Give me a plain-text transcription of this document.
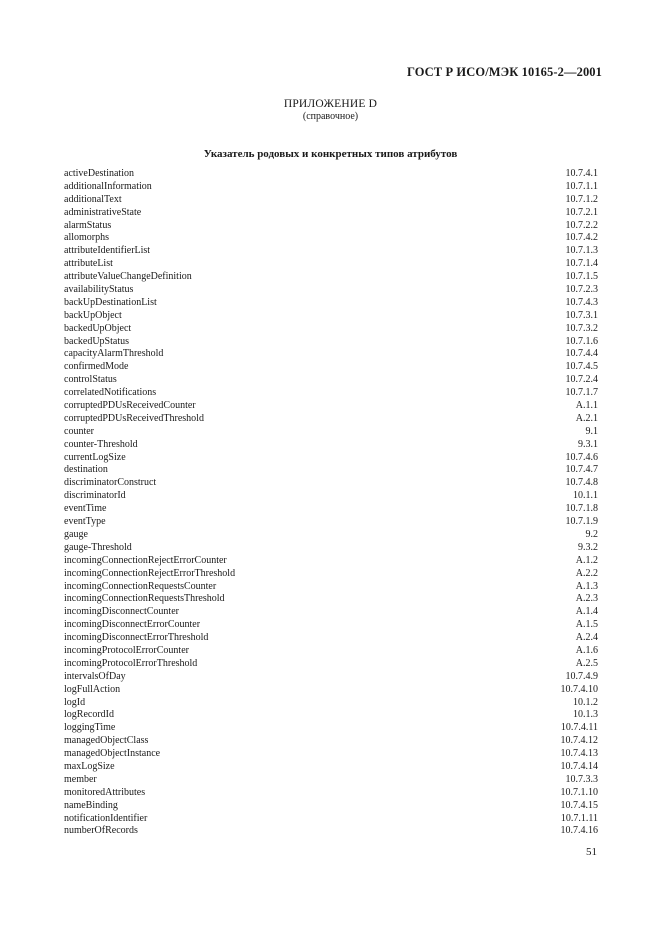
ГОСТ Р ИСО/МЭК 10165-2—2001
ПРИЛОЖЕНИЕ D
(справочное)
Указатель родовых и конкретных типов атрибутов
activeDestination	10.7.4.1
additionalInformation	10.7.1.1
additionalText	10.7.1.2
administrativeState	10.7.2.1
alarmStatus	10.7.2.2
allomorphs	10.7.4.2
attributeIdentifierList	10.7.1.3
attributeList	10.7.1.4
attributeValueChangeDefinition	10.7.1.5
availabilityStatus	10.7.2.3
backUpDestinationList	10.7.4.3
backUpObject	10.7.3.1
backedUpObject	10.7.3.2
backedUpStatus	10.7.1.6
capacityAlarmThreshold	10.7.4.4
confirmedMode	10.7.4.5
controlStatus	10.7.2.4
correlatedNotifications	10.7.1.7
corruptedPDUsReceivedCounter	A.1.1
corruptedPDUsReceivedThreshold	A.2.1
counter	9.1
counter-Threshold	9.3.1
currentLogSize	10.7.4.6
destination	10.7.4.7
discriminatorConstruct	10.7.4.8
discriminatorId	10.1.1
eventTime	10.7.1.8
eventType	10.7.1.9
gauge	9.2
gauge-Threshold	9.3.2
incomingConnectionRejectErrorCounter	A.1.2
incomingConnectionRejectErrorThreshold	A.2.2
incomingConnectionRequestsCounter	A.1.3
incomingConnectionRequestsThreshold	A.2.3
incomingDisconnectCounter	A.1.4
incomingDisconnectErrorCounter	A.1.5
incomingDisconnectErrorThreshold	A.2.4
incomingProtocolErrorCounter	A.1.6
incomingProtocolErrorThreshold	A.2.5
intervalsOfDay	10.7.4.9
logFullAction	10.7.4.10
logId	10.1.2
logRecordId	10.1.3
loggingTime	10.7.4.11
managedObjectClass	10.7.4.12
managedObjectInstance	10.7.4.13
maxLogSize	10.7.4.14
member	10.7.3.3
monitoredAttributes	10.7.1.10
nameBinding	10.7.4.15
notificationIdentifier	10.7.1.11
numberOfRecords	10.7.4.16
51
